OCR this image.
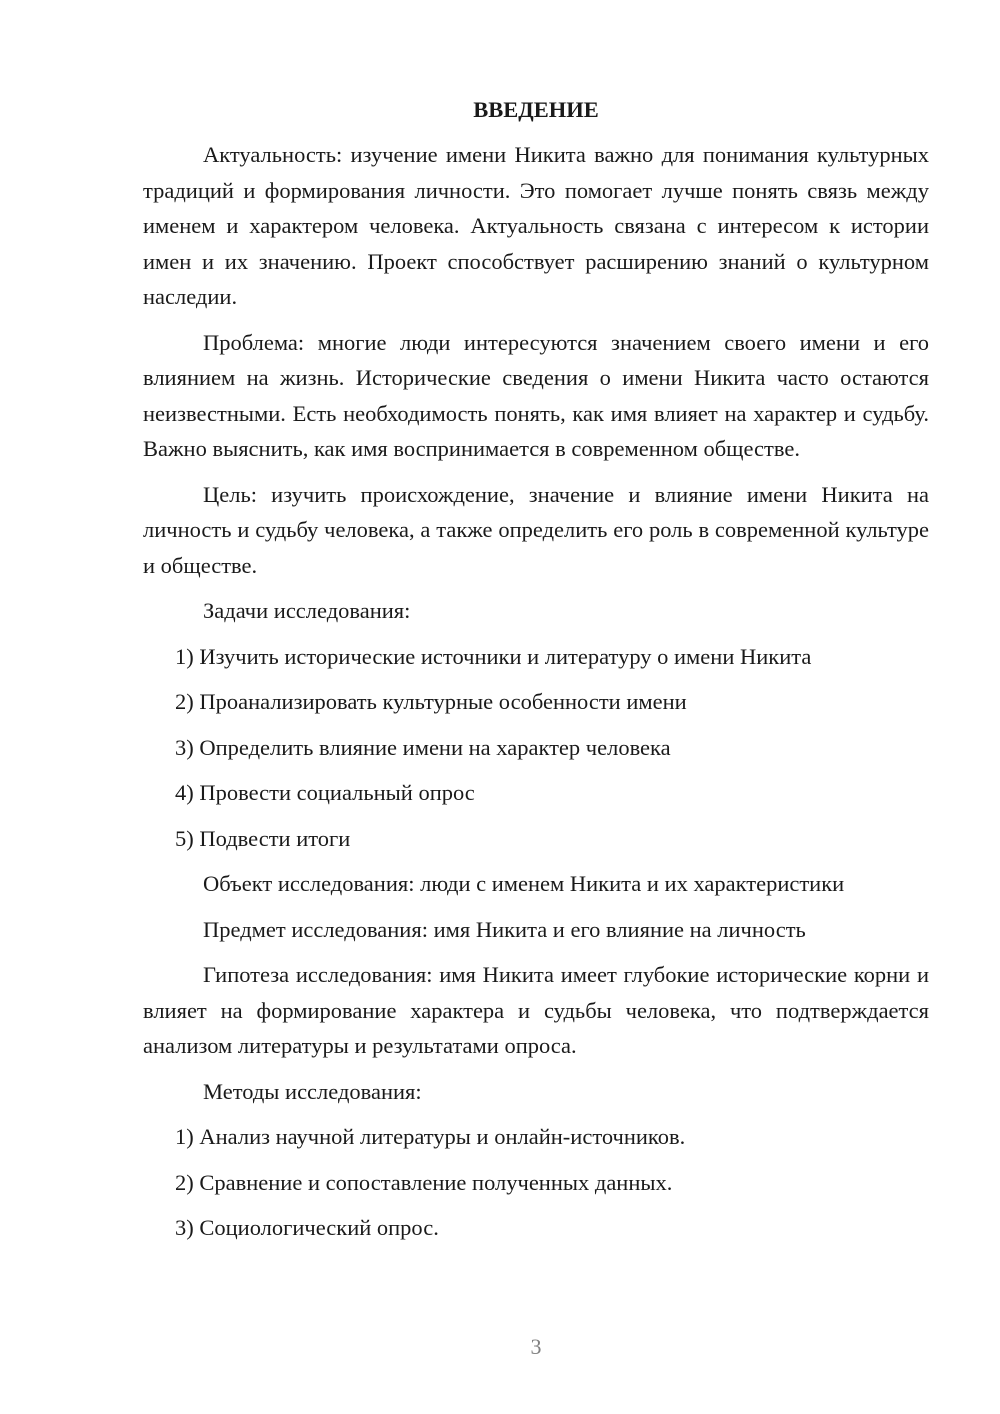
ВВЕДЕНИЕ

Актуальность: изучение имени Никита важно для понимания культурных традиций и формирования личности. Это помогает лучше понять связь между именем и характером человека. Актуальность связана с интересом к истории имен и их значению. Проект способствует расширению знаний о культурном наследии.

Проблема: многие люди интересуются значением своего имени и его влиянием на жизнь. Исторические сведения о имени Никита часто остаются неизвестными. Есть необходимость понять, как имя влияет на характер и судьбу. Важно выяснить, как имя воспринимается в современном обществе.

Цель: изучить происхождение, значение и влияние имени Никита на личность и судьбу человека, а также определить его роль в современной культуре и обществе.

Задачи исследования:
1) Изучить исторические источники и литературу о имени Никита
2) Проанализировать культурные особенности имени
3) Определить влияние имени на характер человека
4) Провести социальный опрос
5) Подвести итоги
Объект исследования: люди с именем Никита и их характеристики
Предмет исследования: имя Никита и его влияние на личность

Гипотеза исследования: имя Никита имеет глубокие исторические корни и влияет на формирование характера и судьбы человека, что подтверждается анализом литературы и результатами опроса.

Методы исследования:
1) Анализ научной литературы и онлайн-источников.
2) Сравнение и сопоставление полученных данных.
3) Социологический опрос.
3
